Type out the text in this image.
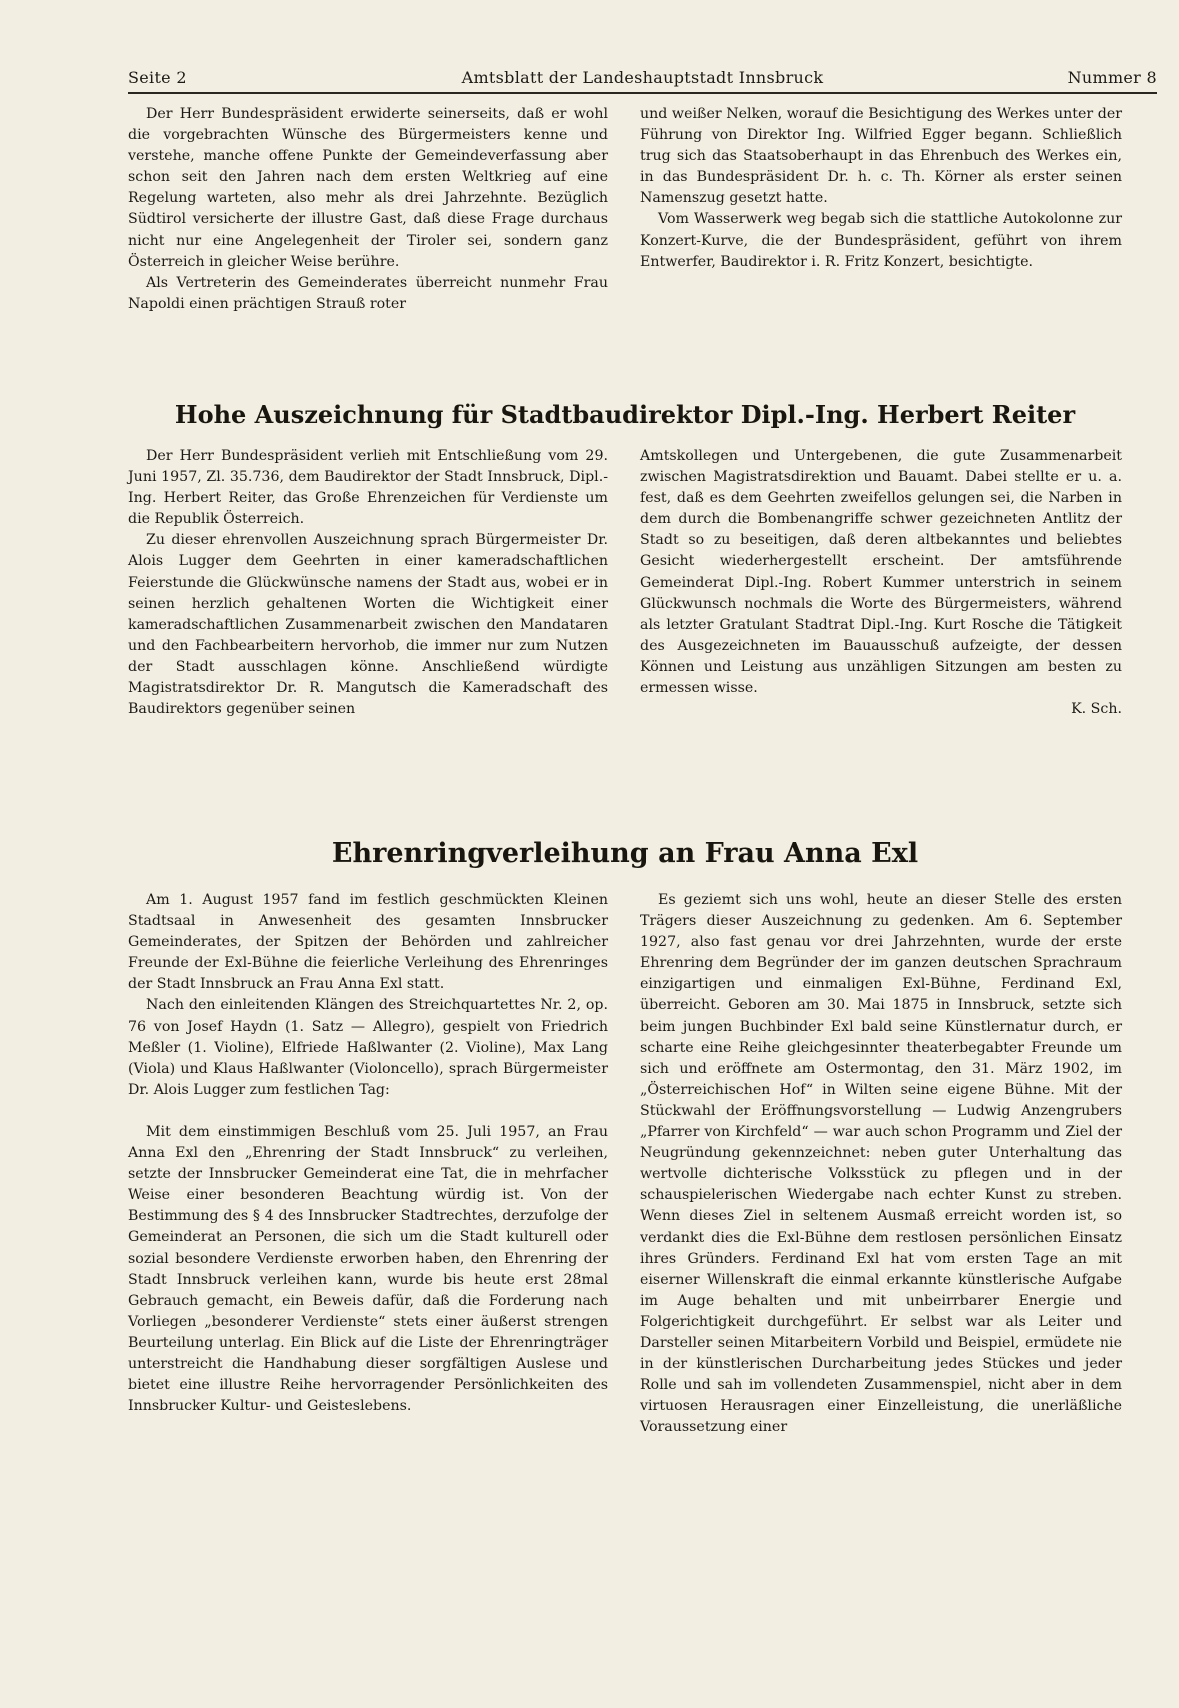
Seite 2	Amtsblatt der Landeshauptstadt Innsbruck	Nummer 8

Der Herr Bundespräsident erwiderte seinerseits, daß er wohl die vorgebrachten Wünsche des Bürgermeisters kenne und verstehe, manche offene Punkte der Gemeindeverfassung aber schon seit den Jahren nach dem ersten Weltkrieg auf eine Regelung warteten, also mehr als drei Jahrzehnte. Bezüglich Südtirol versicherte der illustre Gast, daß diese Frage durchaus nicht nur eine Angelegenheit der Tiroler sei, sondern ganz Österreich in gleicher Weise berühre.

Als Vertreterin des Gemeinderates überreicht nunmehr Frau Napoldi einen prächtigen Strauß roter

und weißer Nelken, worauf die Besichtigung des Werkes unter der Führung von Direktor Ing. Wilfried Egger begann. Schließlich trug sich das Staatsoberhaupt in das Ehrenbuch des Werkes ein, in das Bundespräsident Dr. h. c. Th. Körner als erster seinen Namenszug gesetzt hatte.

Vom Wasserwerk weg begab sich die stattliche Autokolonne zur Konzert-Kurve, die der Bundespräsident, geführt von ihrem Entwerfer, Baudirektor i. R. Fritz Konzert, besichtigte.

Hohe Auszeichnung für Stadtbaudirektor Dipl.-Ing. Herbert Reiter

Der Herr Bundespräsident verlieh mit Entschließung vom 29. Juni 1957, Zl. 35.736, dem Baudirektor der Stadt Innsbruck, Dipl.-Ing. Herbert Reiter, das Große Ehrenzeichen für Verdienste um die Republik Österreich.

Zu dieser ehrenvollen Auszeichnung sprach Bürgermeister Dr. Alois Lugger dem Geehrten in einer kameradschaftlichen Feierstunde die Glückwünsche namens der Stadt aus, wobei er in seinen herzlich gehaltenen Worten die Wichtigkeit einer kameradschaftlichen Zusammenarbeit zwischen den Mandataren und den Fachbearbeitern hervorhob, die immer nur zum Nutzen der Stadt ausschlagen könne. Anschließend würdigte Magistratsdirektor Dr. R. Mangutsch die Kameradschaft des Baudirektors gegenüber seinen

Amtskollegen und Untergebenen, die gute Zusammenarbeit zwischen Magistratsdirektion und Bauamt. Dabei stellte er u. a. fest, daß es dem Geehrten zweifellos gelungen sei, die Narben in dem durch die Bombenangriffe schwer gezeichneten Antlitz der Stadt so zu beseitigen, daß deren altbekanntes und beliebtes Gesicht wiederhergestellt erscheint. Der amtsführende Gemeinderat Dipl.-Ing. Robert Kummer unterstrich in seinem Glückwunsch nochmals die Worte des Bürgermeisters, während als letzter Gratulant Stadtrat Dipl.-Ing. Kurt Rosche die Tätigkeit des Ausgezeichneten im Bauausschuß aufzeigte, der dessen Können und Leistung aus unzähligen Sitzungen am besten zu ermessen wisse.

K. Sch.

Ehrenringverleihung an Frau Anna Exl

Am 1. August 1957 fand im festlich geschmückten Kleinen Stadtsaal in Anwesenheit des gesamten Innsbrucker Gemeinderates, der Spitzen der Behörden und zahlreicher Freunde der Exl-Bühne die feierliche Verleihung des Ehrenringes der Stadt Innsbruck an Frau Anna Exl statt.

Nach den einleitenden Klängen des Streichquartettes Nr. 2, op. 76 von Josef Haydn (1. Satz — Allegro), gespielt von Friedrich Meßler (1. Violine), Elfriede Haßlwanter (2. Violine), Max Lang (Viola) und Klaus Haßlwanter (Violoncello), sprach Bürgermeister Dr. Alois Lugger zum festlichen Tag:

Mit dem einstimmigen Beschluß vom 25. Juli 1957, an Frau Anna Exl den „Ehrenring der Stadt Innsbruck“ zu verleihen, setzte der Innsbrucker Gemeinderat eine Tat, die in mehrfacher Weise einer besonderen Beachtung würdig ist. Von der Bestimmung des § 4 des Innsbrucker Stadtrechtes, derzufolge der Gemeinderat an Personen, die sich um die Stadt kulturell oder sozial besondere Verdienste erworben haben, den Ehrenring der Stadt Innsbruck verleihen kann, wurde bis heute erst 28mal Gebrauch gemacht, ein Beweis dafür, daß die Forderung nach Vorliegen „besonderer Verdienste“ stets einer äußerst strengen Beurteilung unterlag. Ein Blick auf die Liste der Ehrenringträger unterstreicht die Handhabung dieser sorgfältigen Auslese und bietet eine illustre Reihe hervorragender Persönlichkeiten des Innsbrucker Kultur- und Geisteslebens.

Es geziemt sich uns wohl, heute an dieser Stelle des ersten Trägers dieser Auszeichnung zu gedenken. Am 6. September 1927, also fast genau vor drei Jahrzehnten, wurde der erste Ehrenring dem Begründer der im ganzen deutschen Sprachraum einzigartigen und einmaligen Exl-Bühne, Ferdinand Exl, überreicht. Geboren am 30. Mai 1875 in Innsbruck, setzte sich beim jungen Buchbinder Exl bald seine Künstlernatur durch, er scharte eine Reihe gleichgesinnter theaterbegabter Freunde um sich und eröffnete am Ostermontag, den 31. März 1902, im „Österreichischen Hof“ in Wilten seine eigene Bühne. Mit der Stückwahl der Eröffnungsvorstellung — Ludwig Anzengrubers „Pfarrer von Kirchfeld“ — war auch schon Programm und Ziel der Neugründung gekennzeichnet: neben guter Unterhaltung das wertvolle dichterische Volksstück zu pflegen und in der schauspielerischen Wiedergabe nach echter Kunst zu streben. Wenn dieses Ziel in seltenem Ausmaß erreicht worden ist, so verdankt dies die Exl-Bühne dem restlosen persönlichen Einsatz ihres Gründers. Ferdinand Exl hat vom ersten Tage an mit eiserner Willenskraft die einmal erkannte künstlerische Aufgabe im Auge behalten und mit unbeirrbarer Energie und Folgerichtigkeit durchgeführt. Er selbst war als Leiter und Darsteller seinen Mitarbeitern Vorbild und Beispiel, ermüdete nie in der künstlerischen Durcharbeitung jedes Stückes und jeder Rolle und sah im vollendeten Zusammenspiel, nicht aber in dem virtuosen Herausragen einer Einzelleistung, die unerläßliche Voraussetzung einer
